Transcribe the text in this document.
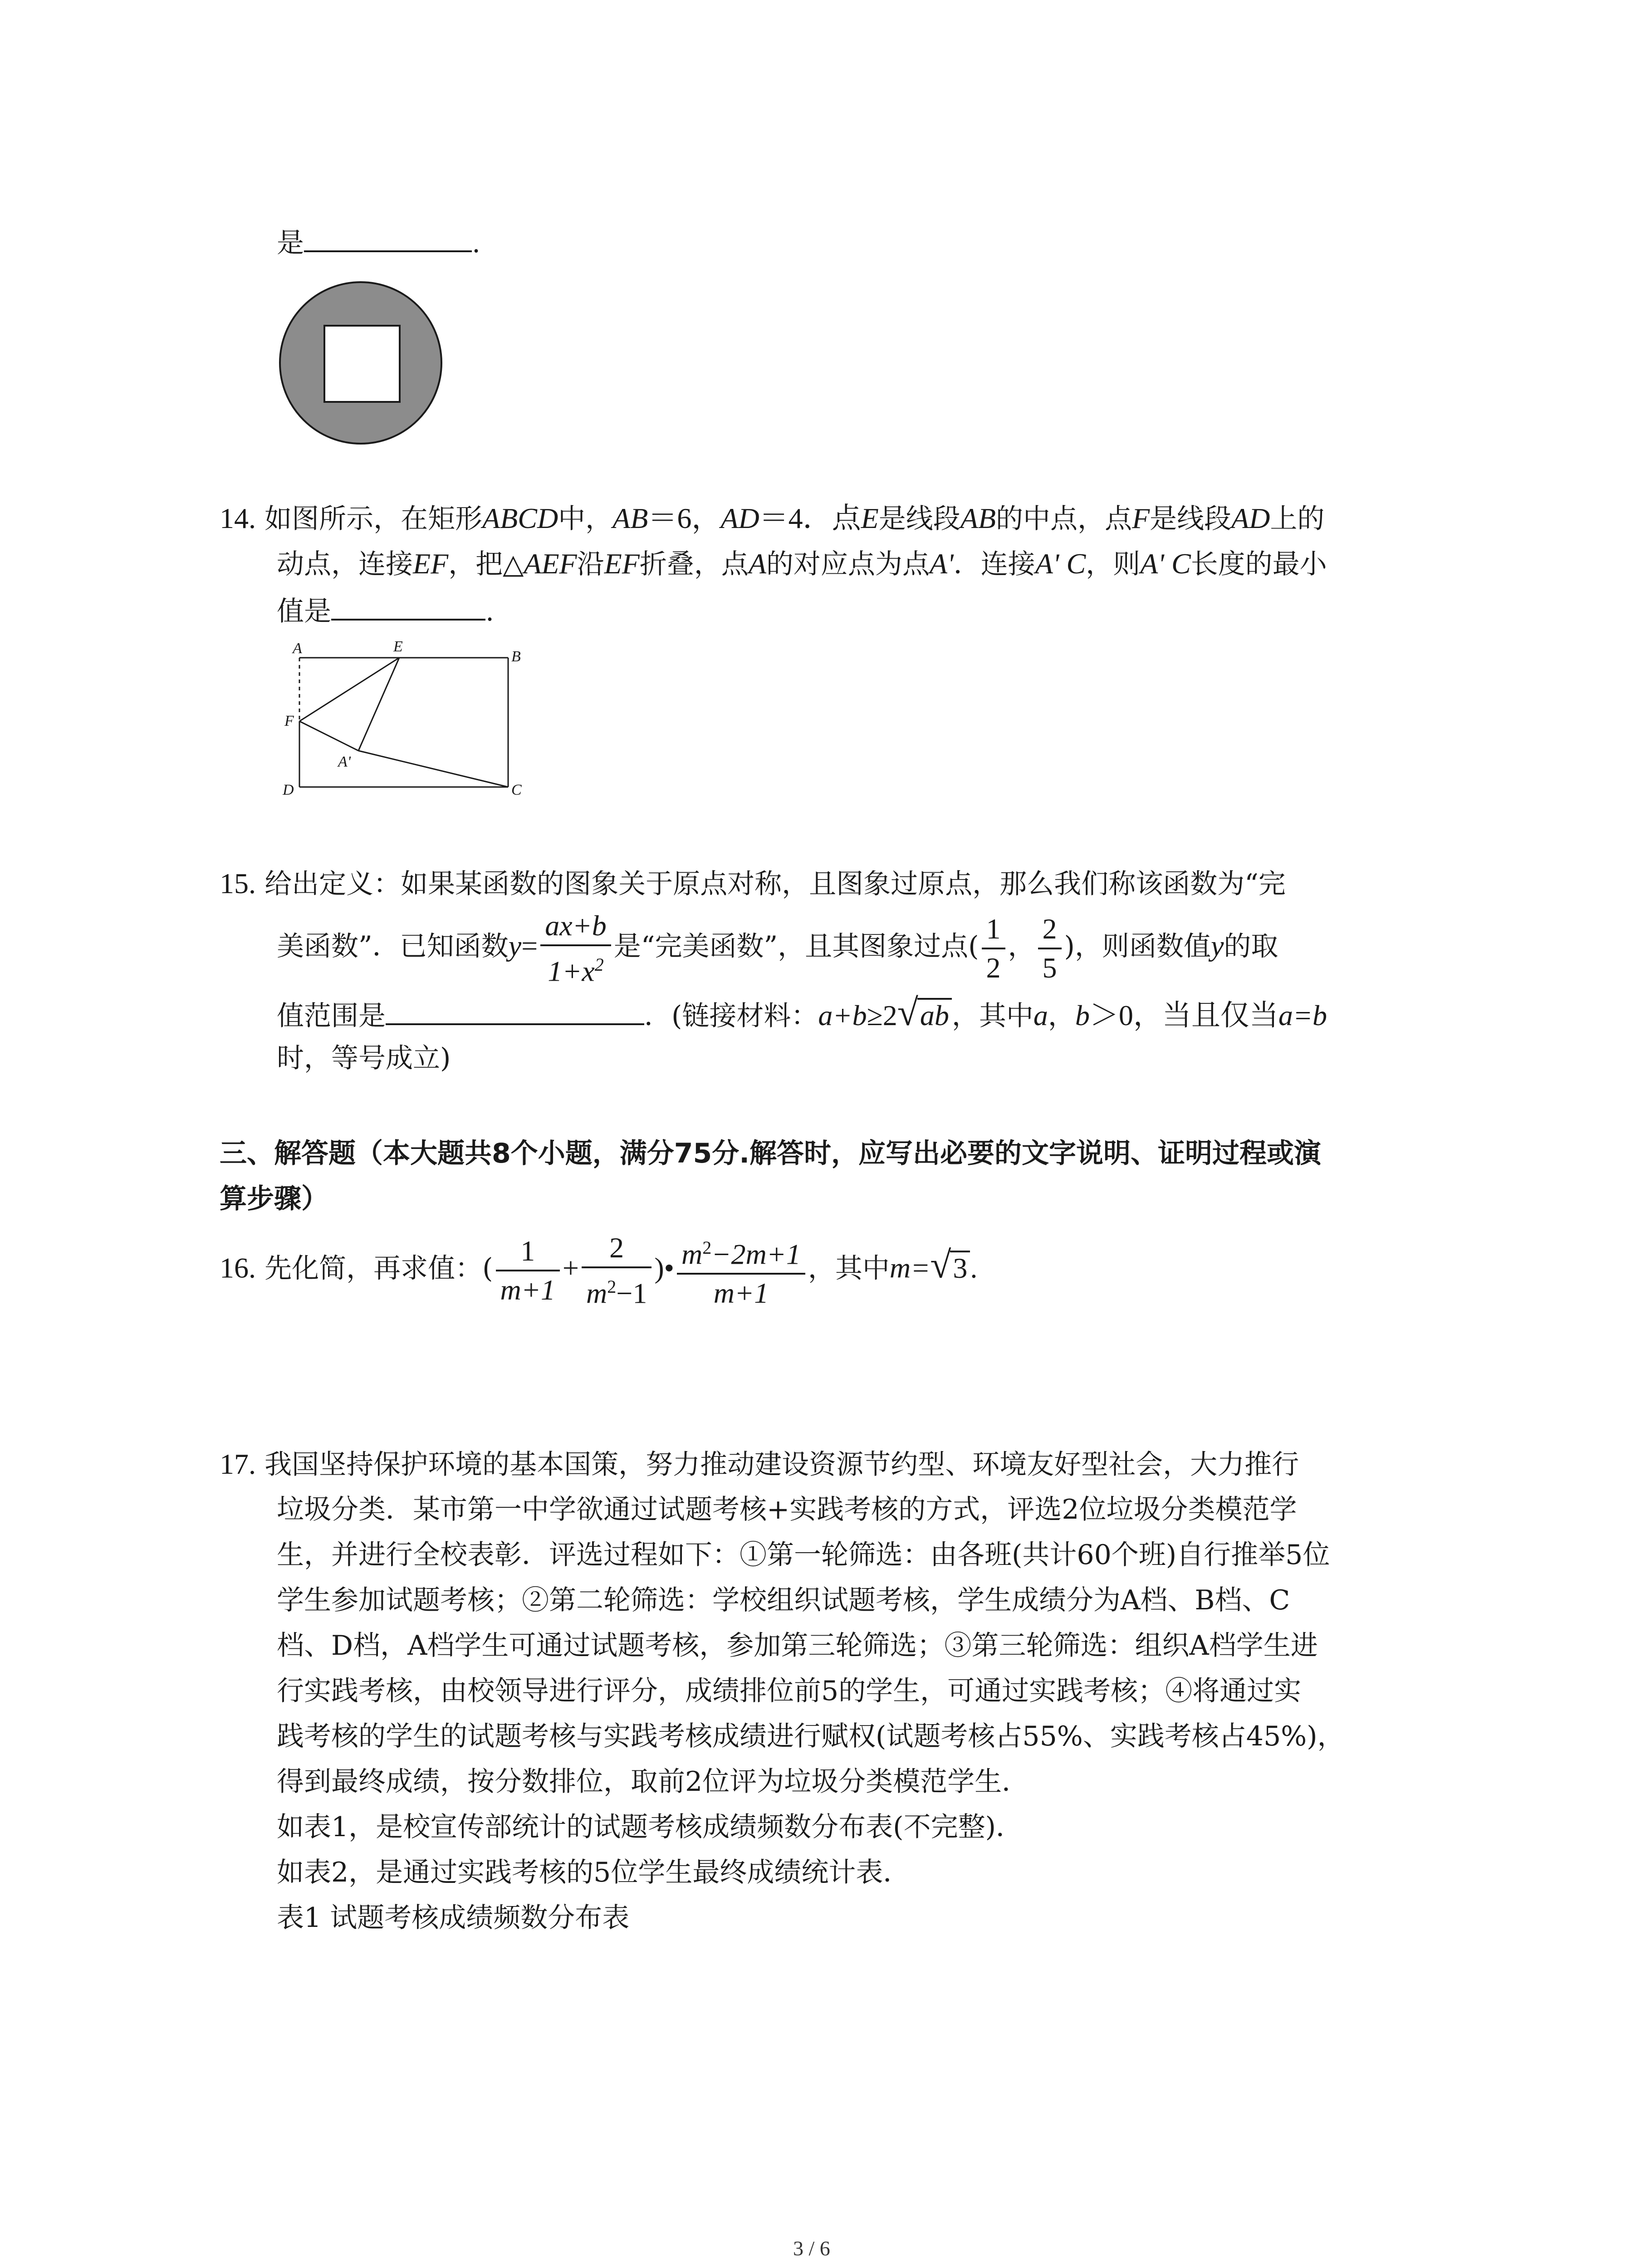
是	.
14. 如图所示，在矩形ABCD中，AB＝6，AD＝4．点E是线段AB的中点，点F是线段AD上的
动点，连接EF，把△AEF沿EF折叠，点A的对应点为点A'．连接A' C，则A' C长度的最小
值是	.
A	E
B
F
A'
D	C
15. 给出定义：如果某函数的图象关于原点对称，且图象过原点，那么我们称该函数为“完
美函数”．已知函数$y= \frac{ax+b}{1+x^2}$ 是“完美函数”，且其图象过点( $\frac{1}{2}$ ， $\frac{2}{5}$ )，则函数值y的取
值范围是	．(链接材料：a+b≥2√ab ，其中a，b＞0，当且仅当a=b
时，等号成立)
三、解答题（本大题共8个小题，满分75分.解答时，应写出必要的文字说明、证明过程或演
算步骤）
16. 先化简，再求值：( $\frac{1}{m+1} + \frac{2}{m^2-1}$ )• $\frac{m^2-2m+1}{m+1}$ ，其中m=√3.
17. 我国坚持保护环境的基本国策，努力推动建设资源节约型、环境友好型社会，大力推行
垃圾分类．某市第一中学欲通过试题考核+实践考核的方式，评选2位垃圾分类模范学
生，并进行全校表彰．评选过程如下：①第一轮筛选：由各班(共计60个班)自行推举5位
学生参加试题考核；②第二轮筛选：学校组织试题考核，学生成绩分为A档、B档、C
档、D档，A档学生可通过试题考核，参加第三轮筛选；③第三轮筛选：组织A档学生进
行实践考核，由校领导进行评分，成绩排位前5的学生，可通过实践考核；④将通过实
践考核的学生的试题考核与实践考核成绩进行赋权(试题考核占55%、实践考核占45%)，
得到最终成绩，按分数排位，取前2位评为垃圾分类模范学生．
如表1，是校宣传部统计的试题考核成绩频数分布表(不完整)．
如表2，是通过实践考核的5位学生最终成绩统计表．
表1 试题考核成绩频数分布表
3 / 6
